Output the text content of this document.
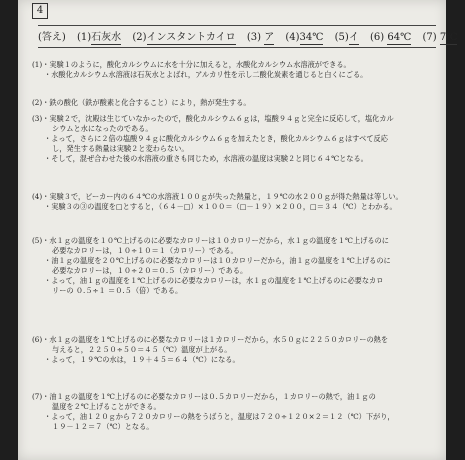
4
(答え) (1)石灰水 (2)インスタントカイロ (3) ア (4)34℃ (5)イ (6) 64℃ (7) 7℃
(1)・実験１のように，酸化カルシウムに水を十分に加えると，水酸化カルシウム水溶液ができる。
・水酸化カルシウム水溶液は石灰水とよばれ，アルカリ性を示し二酸化炭素を通じると白くにごる。
(2)・鉄の酸化（鉄が酸素と化合すること）により，熱が発生する。
(3)・実験２で，沈殿は生じていなかったので，酸化カルシウム６ｇは，塩酸９４ｇと完全に反応して，塩化カル
シウムと水になったのである。
・よって，さらに２倍の塩酸９４ｇに酸化カルシウム６ｇを加えたとき，酸化カルシウム６ｇはすべて反応
し，発生する熱量は実験２と変わらない。
・そして，混ぜ合わせた後の水溶液の重さも同じため，水溶液の温度は実験２と同じ６４℃となる。
(4)・実験３で，ビーカー内の６４℃の水溶液１００ｇが失った熱量と，１９℃の水２００ｇが得た熱量は等しい。
・実験３の③の温度を□とすると，（６４－□）×１００＝（□－１９）×２００，□＝３４（℃）とわかる。
(5)・水１ｇの温度を１０℃上げるのに必要なカロリーは１０カロリーだから，水１ｇの温度を１℃上げるのに
必要なカロリーは，１０÷１０＝１（カロリー）である。
・油１ｇの温度を２０℃上げるのに必要なカロリーは１０カロリーだから，油１ｇの温度を１℃上げるのに
必要なカロリーは，１０÷２０＝０.５（カロリー）である。
・よって，油１ｇの温度を１℃上げるのに必要なカロリーは，水１ｇの温度を１℃上げるのに必要なカロ
リーの ０.５÷１ ＝０.５（倍）である。
(6)・水１ｇの温度を１℃上げるのに必要なカロリーは１カロリーだから，水５０ｇに２２５０カロリーの熱を
与えると，２２５０÷５０＝４５（℃）温度が上がる。
・よって，１９℃の水は，１９＋４５＝６４（℃）になる。
(7)・油１ｇの温度を１℃上げるのに必要なカロリーは０.５カロリーだから，１カロリーの熱で，油１ｇの
温度を２℃上げることができる。
・よって，油１２０ｇから７２０カロリーの熱をうばうと，温度は７２０÷１２０×２＝１２（℃）下がり，
１９－１２＝７（℃）となる。
